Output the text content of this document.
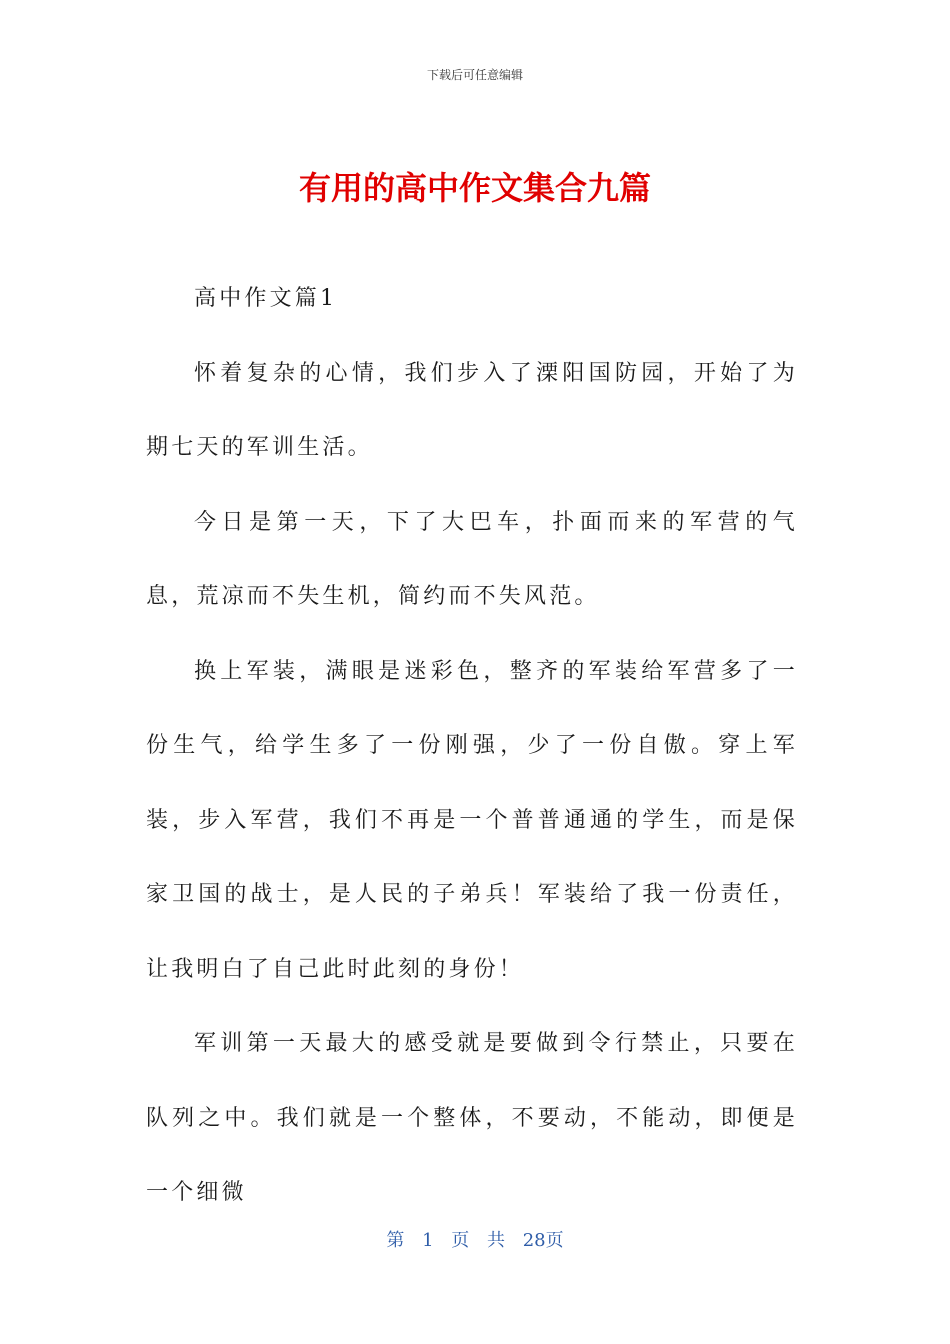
下载后可任意编辑
有用的高中作文集合九篇

高中作文篇1

怀着复杂的心情，我们步入了溧阳国防园，开始了为期七天的军训生活。

今日是第一天，下了大巴车，扑面而来的军营的气息，荒凉而不失生机，简约而不失风范。

换上军装，满眼是迷彩色，整齐的军装给军营多了一份生气，给学生多了一份刚强，少了一份自傲。穿上军装，步入军营，我们不再是一个普普通通的学生，而是保家卫国的战士，是人民的子弟兵！军装给了我一份责任，让我明白了自己此时此刻的身份！

军训第一天最大的感受就是要做到令行禁止，只要在队列之中。我们就是一个整体，不要动，不能动，即便是一个细微

第 1 页 共 28页
